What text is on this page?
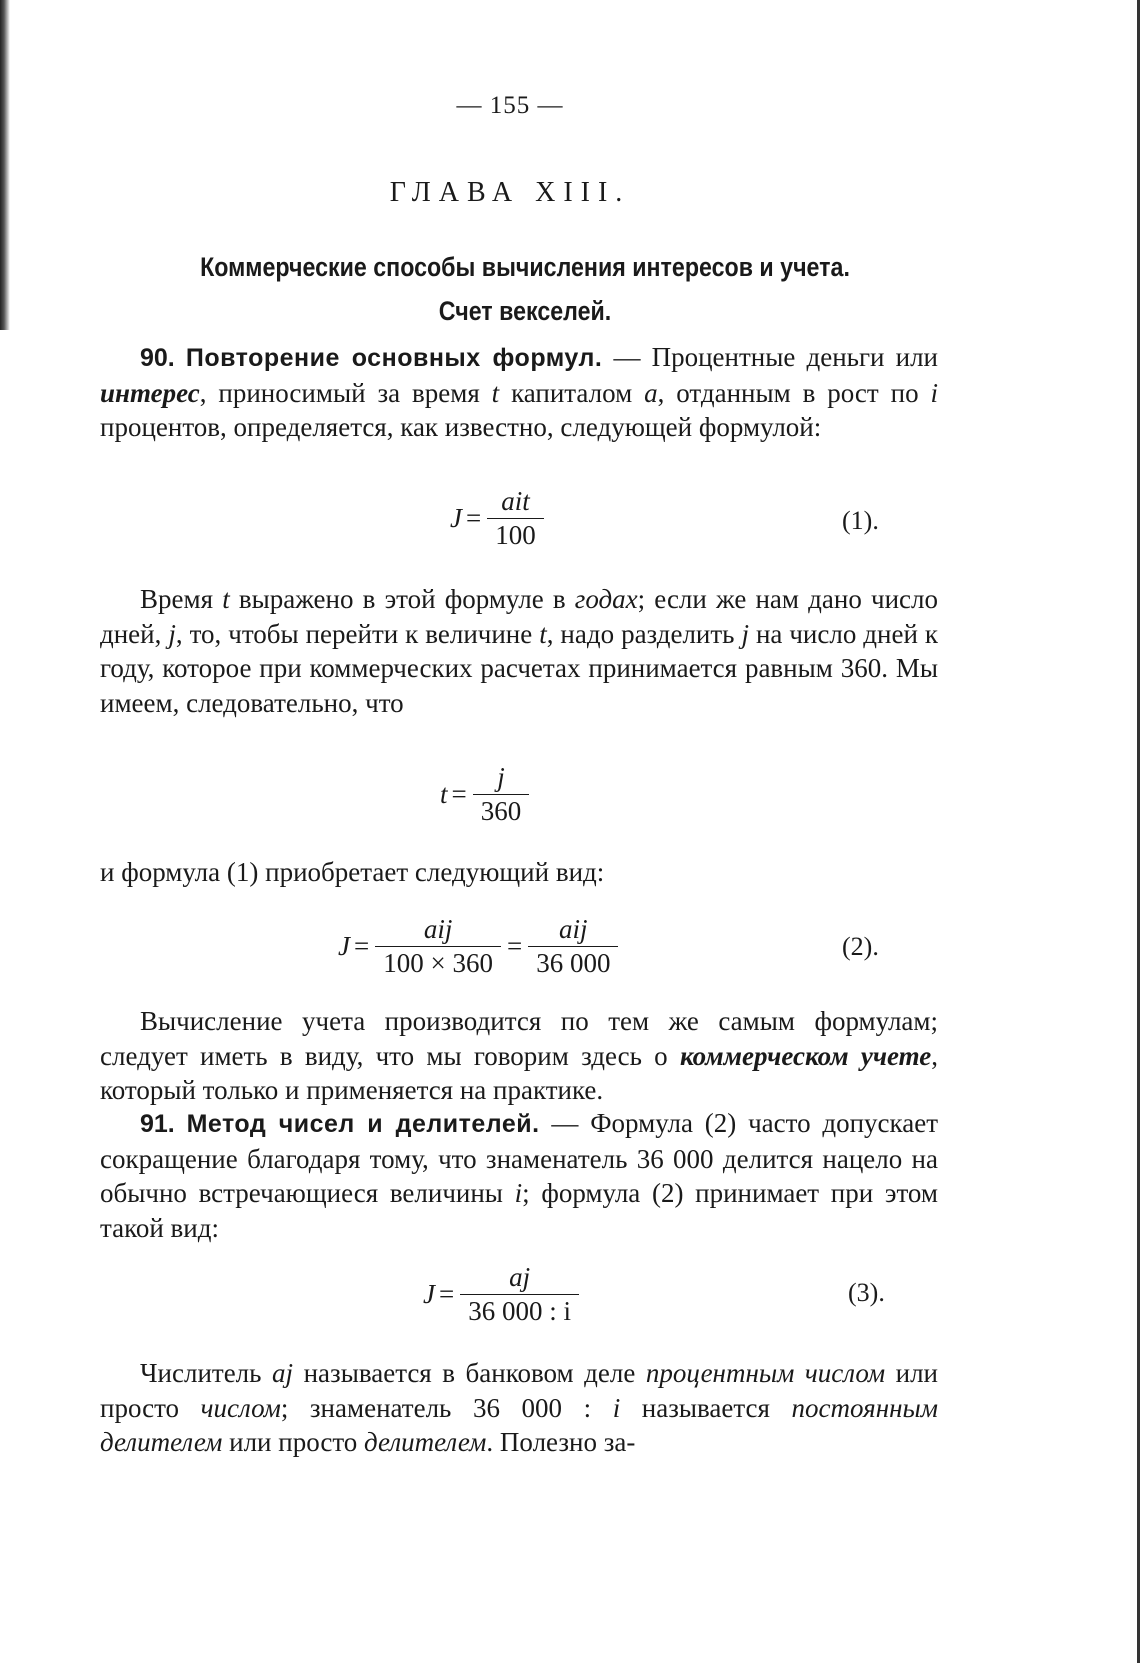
— 155 —
ГЛАВА XIII.
Коммерческие способы вычисления интересов и учета.
Счет векселей.

90. Повторение основных формул. — Процентные деньги или интерес, приносимый за время t капиталом a, отданным в рост по i процентов, определяется, как известно, следующей формулой:

$J = \frac{\text{ait}}{100}$	(1).

Время t выражено в этой формуле в годах; если же нам дано число дней, j, то, чтобы перейти к величине t, надо разделить j на число дней к году, которое при коммерческих расчетах принимается равным 360. Мы имеем, следовательно, что

$t = \frac{j}{360}$

и формула (1) приобретает следующий вид:

$J = \frac{\text{aij}}{100 \times 360} = \frac{\text{aij}}{36 000}$	(2).

Вычисление учета производится по тем же самым формулам; следует иметь в виду, что мы говорим здесь о коммерческом учете, который только и применяется на практике.

91. Метод чисел и делителей. — Формула (2) часто допускает сокращение благодаря тому, что знаменатель 36 000 делится нацело на обычно встречающиеся величины i; формула (2) принимает при этом такой вид:

$J = \frac{aj}{36 000 : i}$	(3).

Числитель aj называется в банковом деле процентным числом или просто числом; знаменатель 36 000 : i называется постоянным делителем или просто делителем. Полезно за-
